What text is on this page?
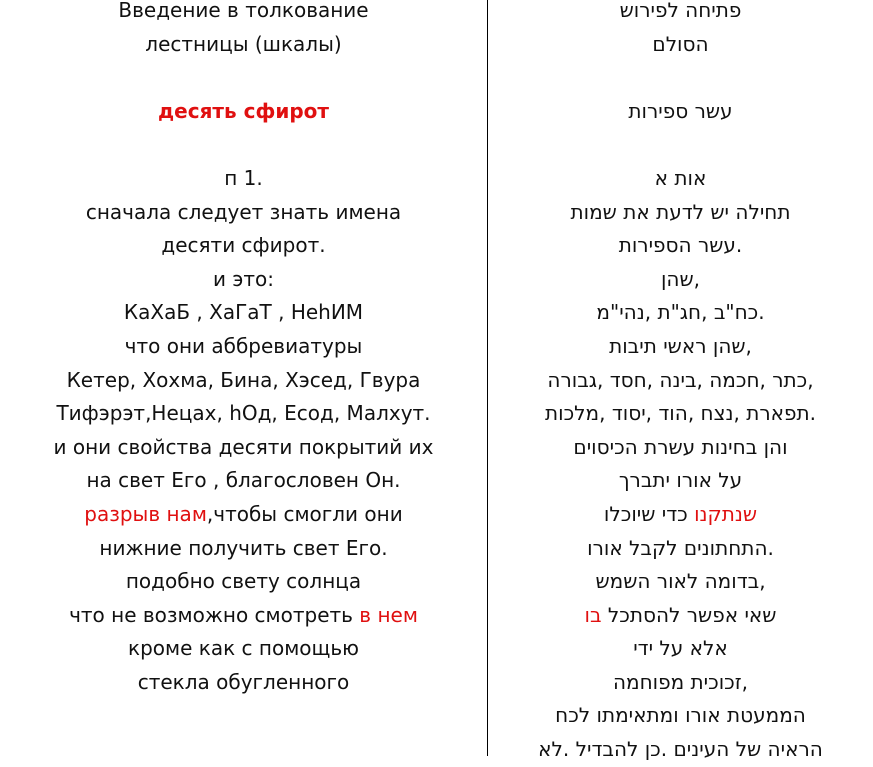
Введение в толкование
лестницы (шкалы)
десять сфирот
п 1.
сначала следует знать имена
десяти сфирот.
и это:
КаХаБ , ХаГаТ , НеhИМ
что они аббревиатуры
Кетер, Хохма, Бина, Хэсед, Гвура
Тифэрэт,Нецах, hОд, Есод, Малхут.
и они свойства десяти покрытий их
на свет Его , благословен Он.
разрыв нам,чтобы смогли они
нижние получить свет Его.
подобно свету солнца
что не возможно смотреть в нем
кроме как с помощью
стекла обугленного
פתיחה לפירוש
הסולם
עשר ספירות
אות א
תחילה יש לדעת את שמות
.עשר הספירות
,שהן
.כח"ב ,חג"ת ,נהי"מ
,שהן ראשי תיבות
,כתר ,חכמה ,בינה ,חסד ,גבורה
.תפארת ,נצח ,הוד ,יסוד ,מלכות
והן בחינות עשרת הכיסוים
על אורו יתברך
שנתקנו כדי שיוכלו
.התחתונים לקבל אורו
,בדומה לאור השמש
שאי אפשר להסתכל בו
אלא על ידי
,זכוכית מפוחמה
הממעטת אורו ומתאימתו לכח
הראיה של העינים .כן להבדיל .לא
